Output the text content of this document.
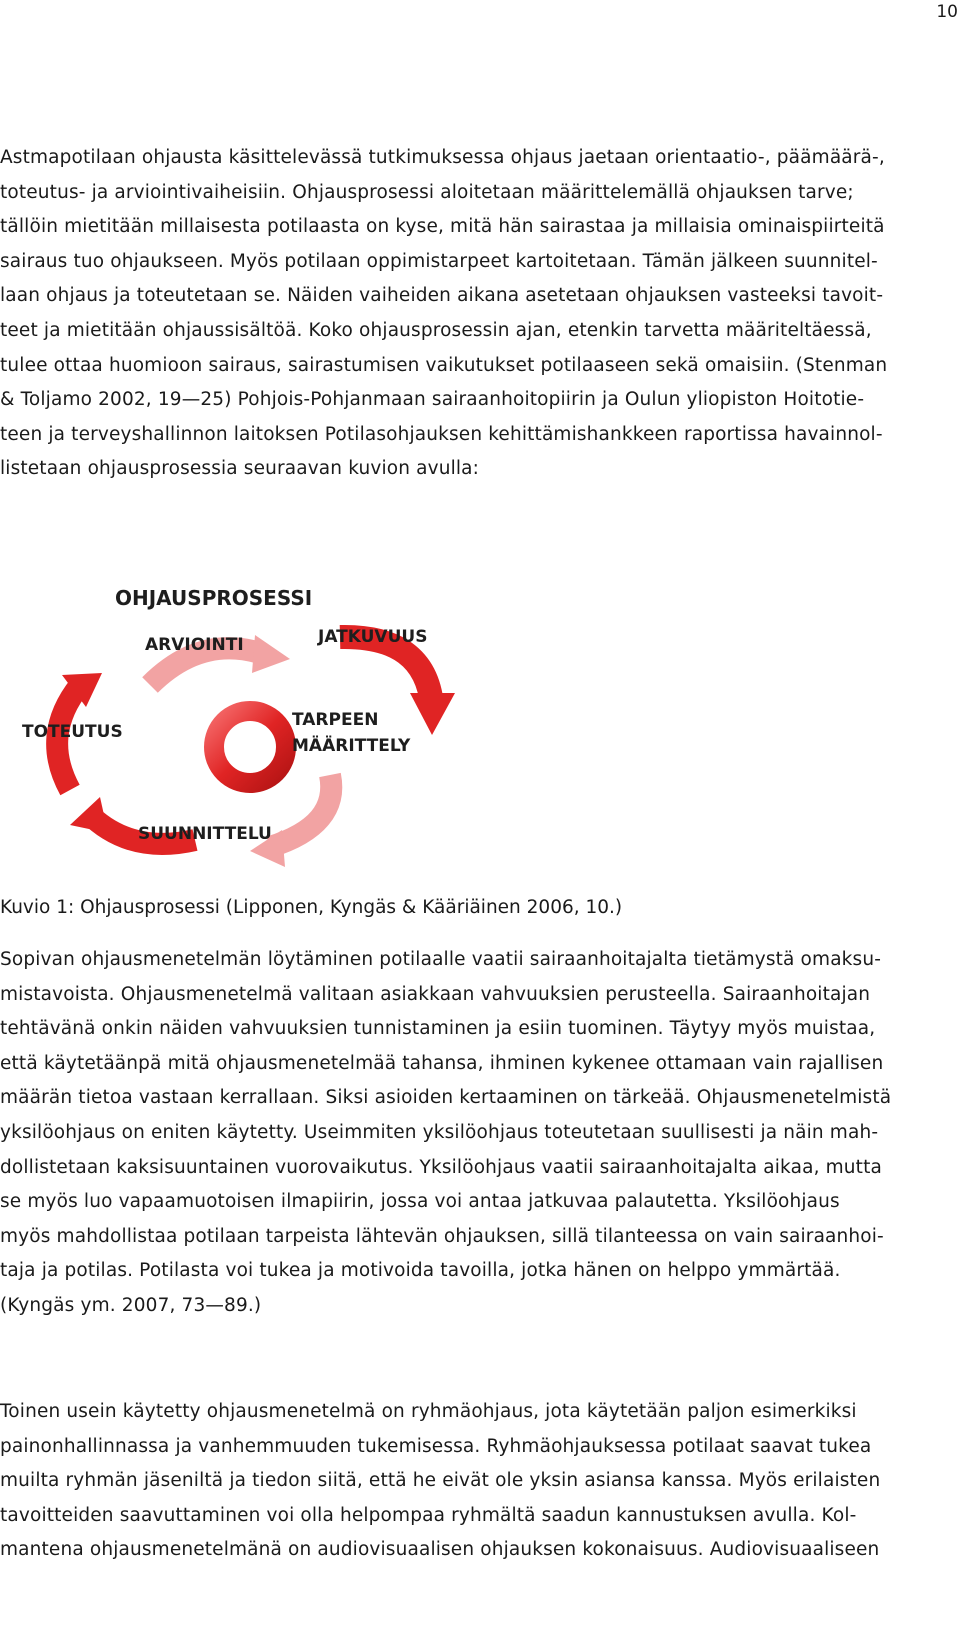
10
Astmapotilaan ohjausta käsittelevässä tutkimuksessa ohjaus jaetaan orientaatio-, päämäärä-,
toteutus- ja arviointivaiheisiin. Ohjausprosessi aloitetaan määrittelemällä ohjauksen tarve;
tällöin mietitään millaisesta potilaasta on kyse, mitä hän sairastaa ja millaisia ominaispiirteitä
sairaus tuo ohjaukseen. Myös potilaan oppimistarpeet kartoitetaan. Tämän jälkeen suunnitel-
laan ohjaus ja toteutetaan se. Näiden vaiheiden aikana asetetaan ohjauksen vasteeksi tavoit-
teet ja mietitään ohjaussisältöä. Koko ohjausprosessin ajan, etenkin tarvetta määriteltäessä,
tulee ottaa huomioon sairaus, sairastumisen vaikutukset potilaaseen sekä omaisiin. (Stenman
& Toljamo 2002, 19—25) Pohjois-Pohjanmaan sairaanhoitopiirin ja Oulun yliopiston Hoitotie-
teen ja terveyshallinnon laitoksen Potilasohjauksen kehittämishankkeen raportissa havainnol-
listetaan ohjausprosessia seuraavan kuvion avulla:
OHJAUSPROSESSI
ARVIOINTI	JATKUVUUS
TOTEUTUS
TARPEEN
MÄÄRITTELY
SUUNNITTELU
Kuvio 1: Ohjausprosessi (Lipponen, Kyngäs & Kääriäinen 2006, 10.)
Sopivan ohjausmenetelmän löytäminen potilaalle vaatii sairaanhoitajalta tietämystä omaksu-
mistavoista. Ohjausmenetelmä valitaan asiakkaan vahvuuksien perusteella. Sairaanhoitajan
tehtävänä onkin näiden vahvuuksien tunnistaminen ja esiin tuominen. Täytyy myös muistaa,
että käytetäänpä mitä ohjausmenetelmää tahansa, ihminen kykenee ottamaan vain rajallisen
määrän tietoa vastaan kerrallaan. Siksi asioiden kertaaminen on tärkeää. Ohjausmenetelmistä
yksilöohjaus on eniten käytetty. Useimmiten yksilöohjaus toteutetaan suullisesti ja näin mah-
dollistetaan kaksisuuntainen vuorovaikutus. Yksilöohjaus vaatii sairaanhoitajalta aikaa, mutta
se myös luo vapaamuotoisen ilmapiirin, jossa voi antaa jatkuvaa palautetta. Yksilöohjaus
myös mahdollistaa potilaan tarpeista lähtevän ohjauksen, sillä tilanteessa on vain sairaanhoi-
taja ja potilas. Potilasta voi tukea ja motivoida tavoilla, jotka hänen on helppo ymmärtää.
(Kyngäs ym. 2007, 73—89.)
Toinen usein käytetty ohjausmenetelmä on ryhmäohjaus, jota käytetään paljon esimerkiksi
painonhallinnassa ja vanhemmuuden tukemisessa. Ryhmäohjauksessa potilaat saavat tukea
muilta ryhmän jäseniltä ja tiedon siitä, että he eivät ole yksin asiansa kanssa. Myös erilaisten
tavoitteiden saavuttaminen voi olla helpompaa ryhmältä saadun kannustuksen avulla. Kol-
mantena ohjausmenetelmänä on audiovisuaalisen ohjauksen kokonaisuus. Audiovisuaaliseen
